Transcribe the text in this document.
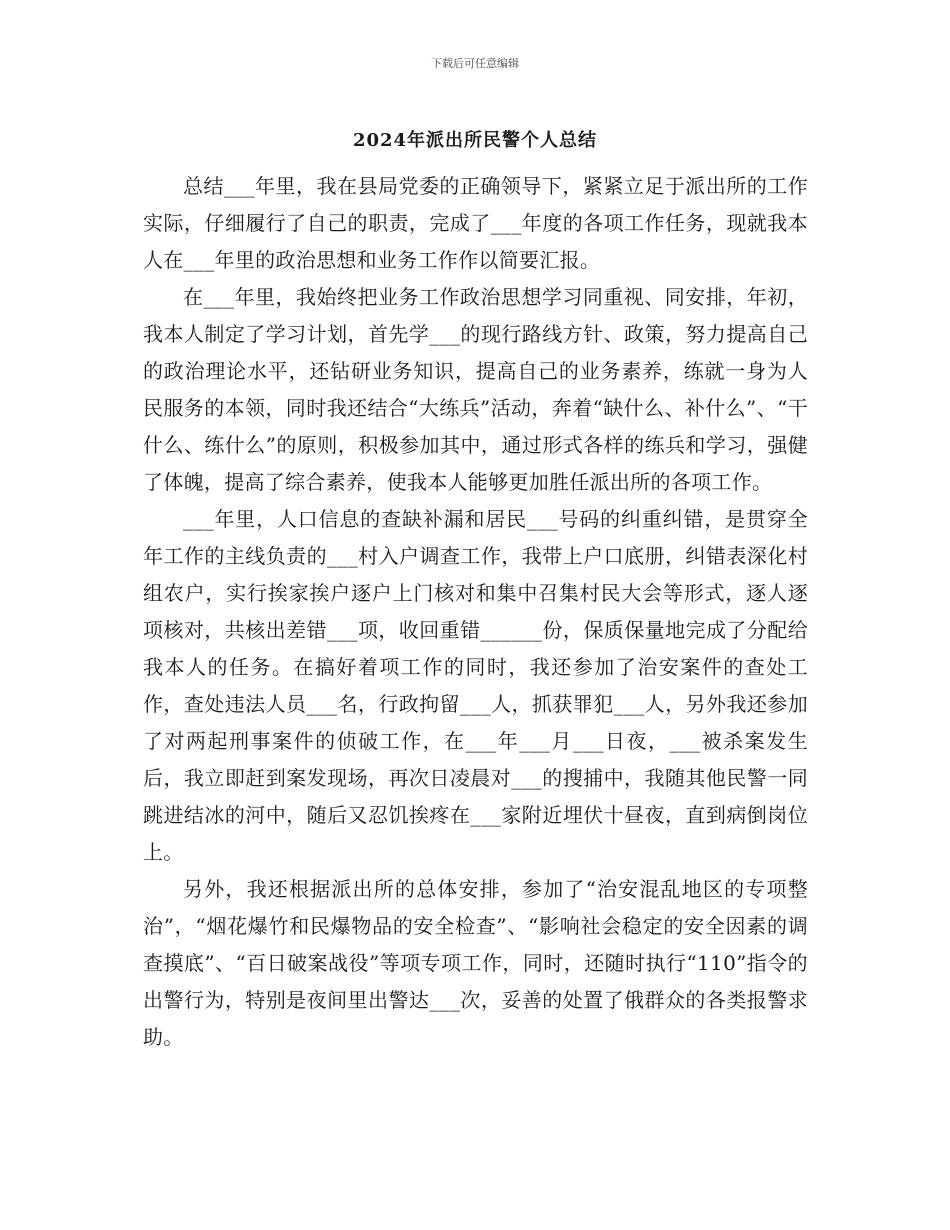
下载后可任意编辑
2024年派出所民警个人总结

总结___年里，我在县局党委的正确领导下，紧紧立足于派出所的工作实际，仔细履行了自己的职责，完成了___年度的各项工作任务，现就我本人在___年里的政治思想和业务工作作以简要汇报。

在___年里，我始终把业务工作政治思想学习同重视、同安排，年初，我本人制定了学习计划，首先学___的现行路线方针、政策，努力提高自己的政治理论水平，还钻研业务知识，提高自己的业务素养，练就一身为人民服务的本领，同时我还结合“大练兵”活动，奔着“缺什么、补什么”、“干什么、练什么”的原则，积极参加其中，通过形式各样的练兵和学习，强健了体魄，提高了综合素养，使我本人能够更加胜任派出所的各项工作。

___年里，人口信息的查缺补漏和居民___号码的纠重纠错，是贯穿全年工作的主线负责的___村入户调查工作，我带上户口底册，纠错表深化村组农户，实行挨家挨户逐户上门核对和集中召集村民大会等形式，逐人逐项核对，共核出差错___项，收回重错______份，保质保量地完成了分配给我本人的任务。在搞好着项工作的同时，我还参加了治安案件的查处工作，查处违法人员___名，行政拘留___人，抓获罪犯___人，另外我还参加了对两起刑事案件的侦破工作，在___年___月___日夜，___被杀案发生后，我立即赶到案发现场，再次日凌晨对___的搜捕中，我随其他民警一同跳进结冰的河中，随后又忍饥挨疼在___家附近埋伏十昼夜，直到病倒岗位上。

另外，我还根据派出所的总体安排，参加了“治安混乱地区的专项整治”，“烟花爆竹和民爆物品的安全检查”、“影响社会稳定的安全因素的调查摸底”、“百日破案战役”等项专项工作，同时，还随时执行“110”指令的出警行为，特别是夜间里出警达___次，妥善的处置了俄群众的各类报警求助。
